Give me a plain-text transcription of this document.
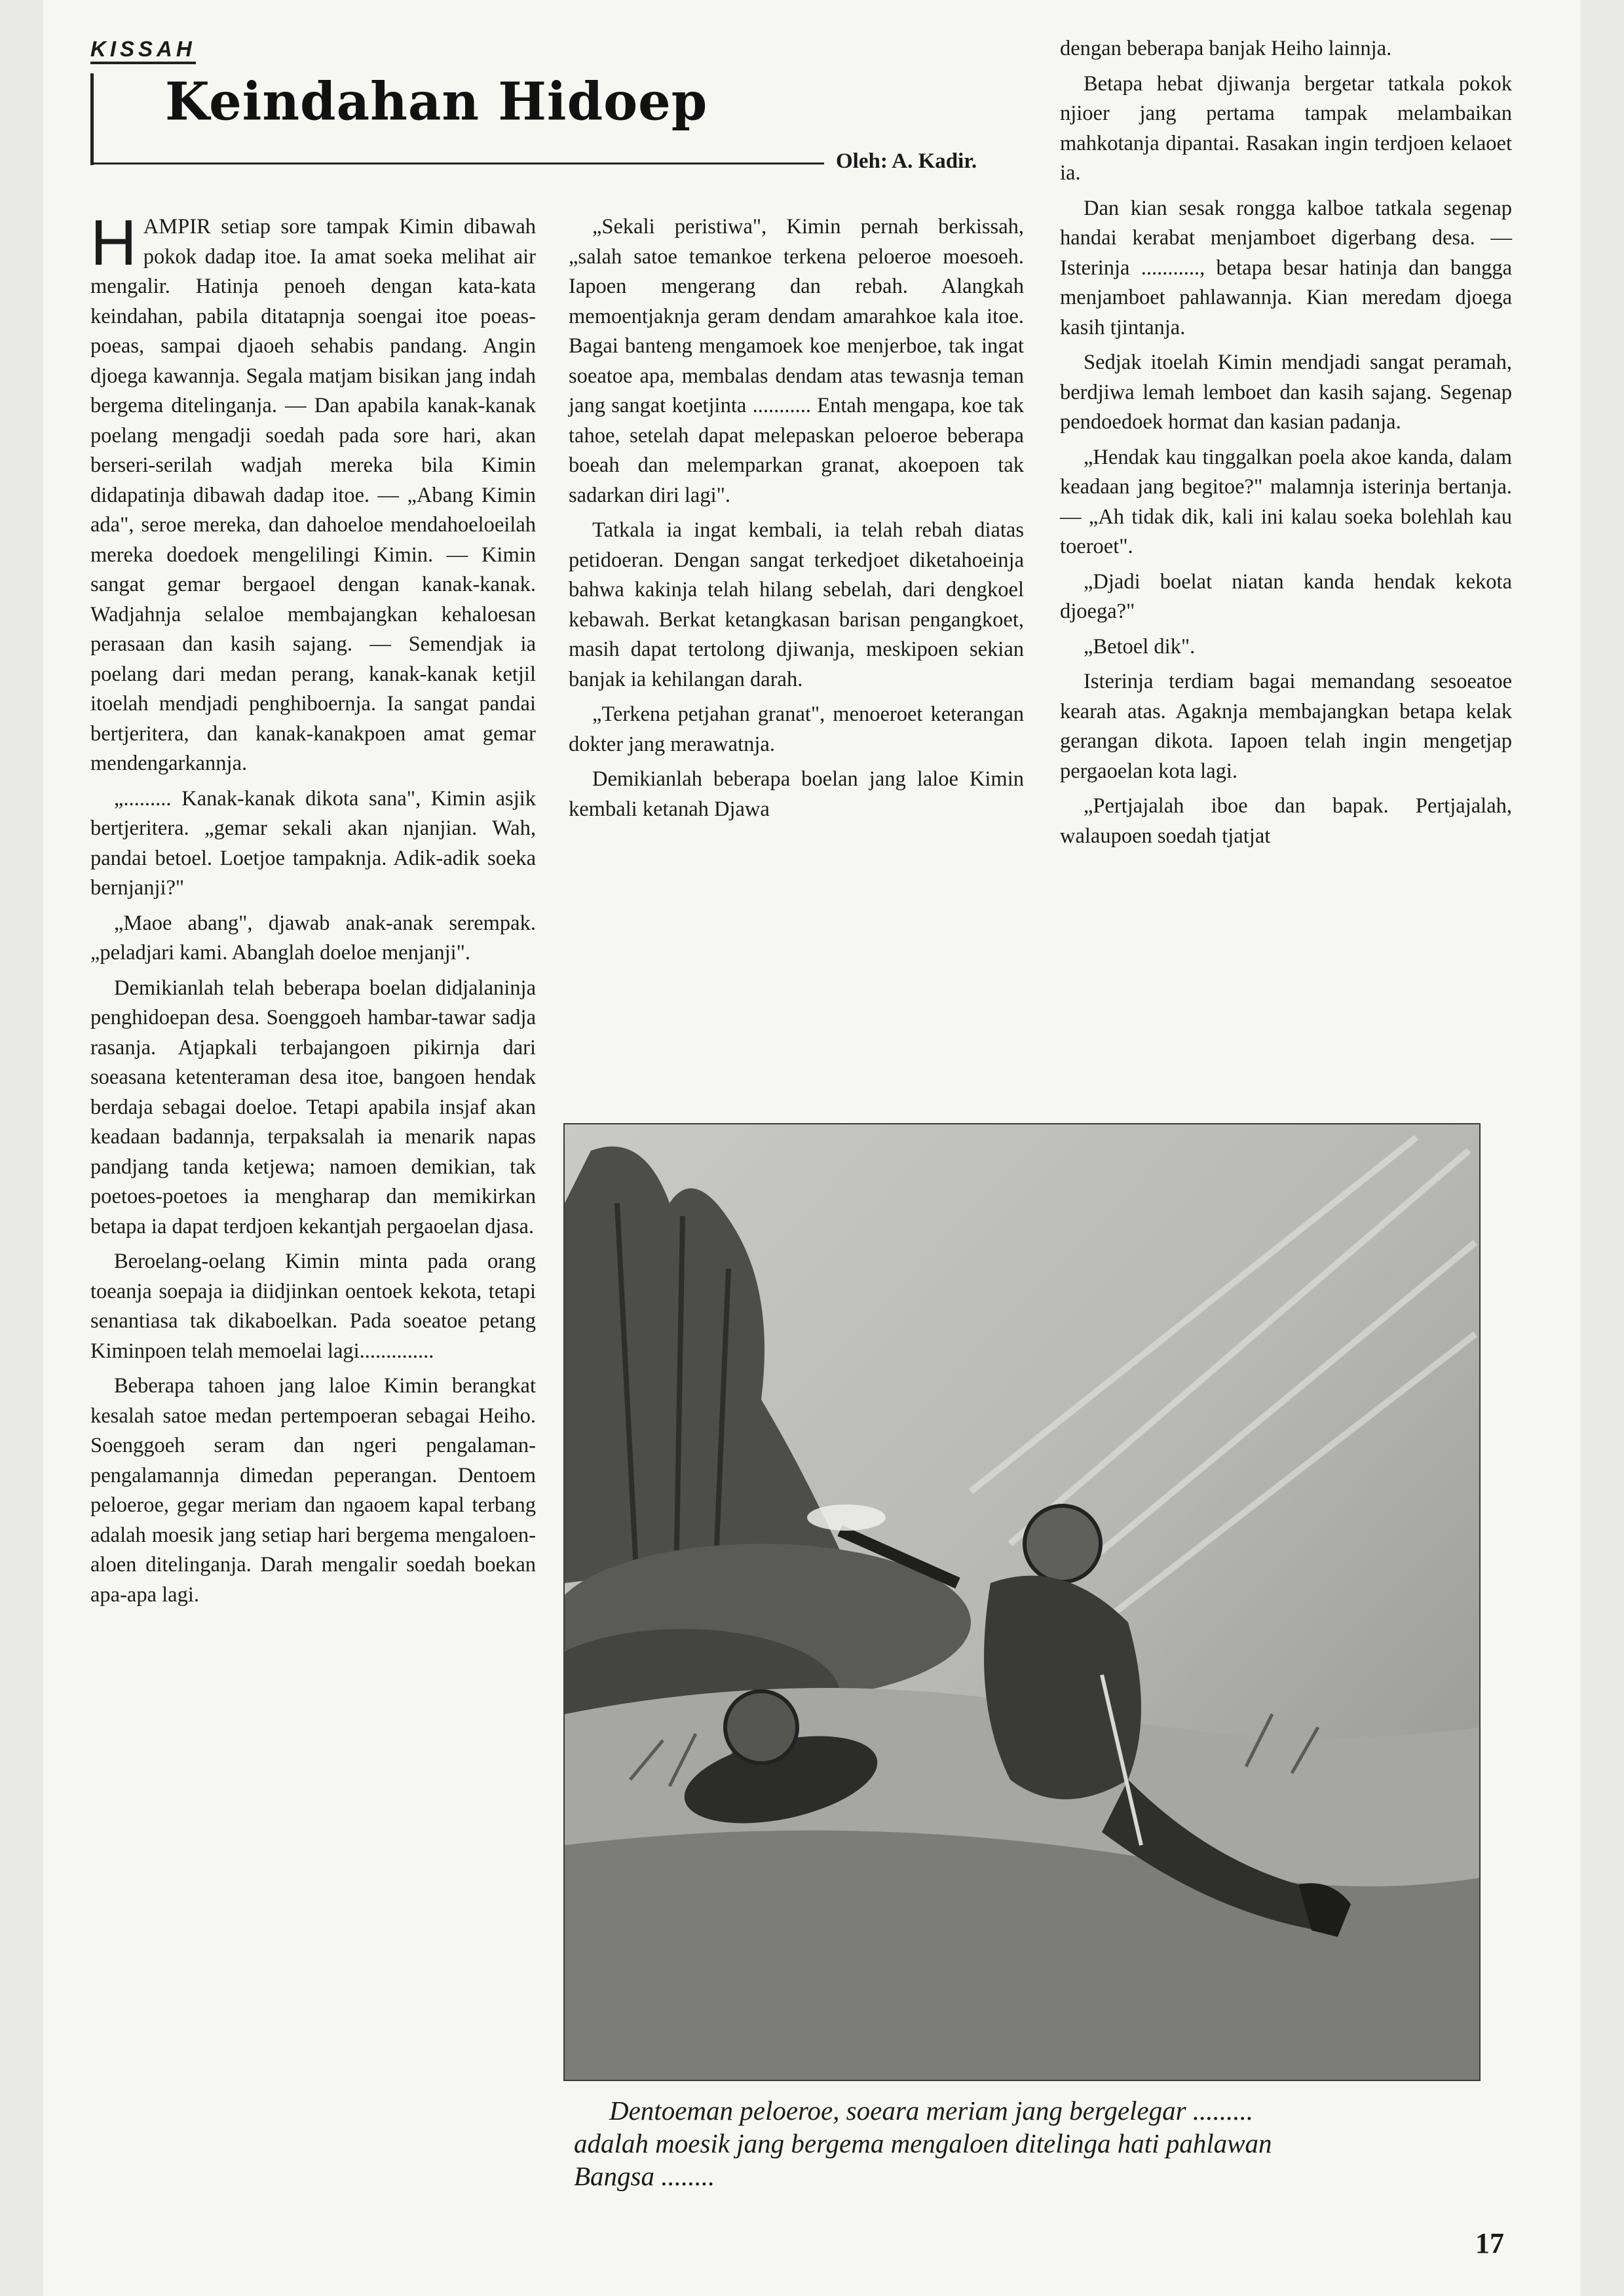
KISSAH
Keindahan Hidoep
Oleh: A. Kadir.

HAMPIR setiap sore tampak Kimin dibawah pokok dadap itoe. Ia amat soeka melihat air mengalir. Hatinja penoeh dengan kata-kata keindahan, pabila ditatapnja soengai itoe poeas-poeas, sampai djaoeh sehabis pandang. Angin djoega kawannja. Segala matjam bisikan jang indah bergema ditelinganja. — Dan apabila kanak-kanak poelang mengadji soedah pada sore hari, akan berseri-serilah wadjah mereka bila Kimin didapatinja dibawah dadap itoe. — „Abang Kimin ada", seroe mereka, dan dahoeloe mendahoeloeilah mereka doedoek mengelilingi Kimin. — Kimin sangat gemar bergaoel dengan kanak-kanak. Wadjahnja selaloe membajangkan kehaloesan perasaan dan kasih sajang. — Semendjak ia poelang dari medan perang, kanak-kanak ketjil itoelah mendjadi penghiboernja. Ia sangat pandai bertjeritera, dan kanak-kanakpoen amat gemar mendengarkannja.

„......... Kanak-kanak dikota sana", Kimin asjik bertjeritera. „gemar sekali akan njanjian. Wah, pandai betoel. Loetjoe tampaknja. Adik-adik soeka bernjanji?"

„Maoe abang", djawab anak-anak serempak. „peladjari kami. Abanglah doeloe menjanji".

Demikianlah telah beberapa boelan didjalaninja penghidoepan desa. Soenggoeh hambar-tawar sadja rasanja. Atjapkali terbajangoen pikirnja dari soeasana ketenteraman desa itoe, bangoen hendak berdaja sebagai doeloe. Tetapi apabila insjaf akan keadaan badannja, terpaksalah ia menarik napas pandjang tanda ketjewa; namoen demikian, tak poetoes-poetoes ia mengharap dan memikirkan betapa ia dapat terdjoen kekantjah pergaoelan djasa.

Beroelang-oelang Kimin minta pada orang toeanja soepaja ia diidjinkan oentoek kekota, tetapi senantiasa tak dikaboelkan. Pada soeatoe petang Kiminpoen telah memoelai lagi..............

Beberapa tahoen jang laloe Kimin berangkat kesalah satoe medan pertempoeran sebagai Heiho. Soenggoeh seram dan ngeri pengalaman-pengalamannja dimedan peperangan. Dentoem peloeroe, gegar meriam dan ngaoem kapal terbang adalah moesik jang setiap hari bergema mengaloen-aloen ditelinganja. Darah mengalir soedah boekan apa-apa lagi.

„Sekali peristiwa", Kimin pernah berkissah, „salah satoe temankoe terkena peloeroe moesoeh. Iapoen mengerang dan rebah. Alangkah memoentjaknja geram dendam amarahkoe kala itoe. Bagai banteng mengamoek koe menjerboe, tak ingat soeatoe apa, membalas dendam atas tewasnja teman jang sangat koetjinta ........... Entah mengapa, koe tak tahoe, setelah dapat melepaskan peloeroe beberapa boeah dan melemparkan granat, akoepoen tak sadarkan diri lagi".

Tatkala ia ingat kembali, ia telah rebah diatas petidoeran. Dengan sangat terkedjoet diketahoeinja bahwa kakinja telah hilang sebelah, dari dengkoel kebawah. Berkat ketangkasan barisan pengangkoet, masih dapat tertolong djiwanja, meskipoen sekian banjak ia kehilangan darah.

„Terkena petjahan granat", menoeroet keterangan dokter jang merawatnja.

Demikianlah beberapa boelan jang laloe Kimin kembali ketanah Djawa

dengan beberapa banjak Heiho lainnja.

Betapa hebat djiwanja bergetar tatkala pokok njioer jang pertama tampak melambaikan mahkotanja dipantai. Rasakan ingin terdjoen kelaoet ia.

Dan kian sesak rongga kalboe tatkala segenap handai kerabat menjamboet digerbang desa. — Isterinja ..........., betapa besar hatinja dan bangga menjamboet pahlawannja. Kian meredam djoega kasih tjintanja.

Sedjak itoelah Kimin mendjadi sangat peramah, berdjiwa lemah lemboet dan kasih sajang. Segenap pendoedoek hormat dan kasian padanja.

„Hendak kau tinggalkan poela akoe kanda, dalam keadaan jang begitoe?" malamnja isterinja bertanja. — „Ah tidak dik, kali ini kalau soeka bolehlah kau toeroet".

„Djadi boelat niatan kanda hendak kekota djoega?"

„Betoel dik".

Isterinja terdiam bagai memandang sesoeatoe kearah atas. Agaknja membajangkan betapa kelak gerangan dikota. Iapoen telah ingin mengetjap pergaoelan kota lagi.

„Pertjajalah iboe dan bapak. Pertjajalah, walaupoen soedah tjatjat

Dentoeman peloeroe, soeara meriam jang bergelegar .........
adalah moesik jang bergema mengaloen ditelinga hati pahlawan
Bangsa ........
17
